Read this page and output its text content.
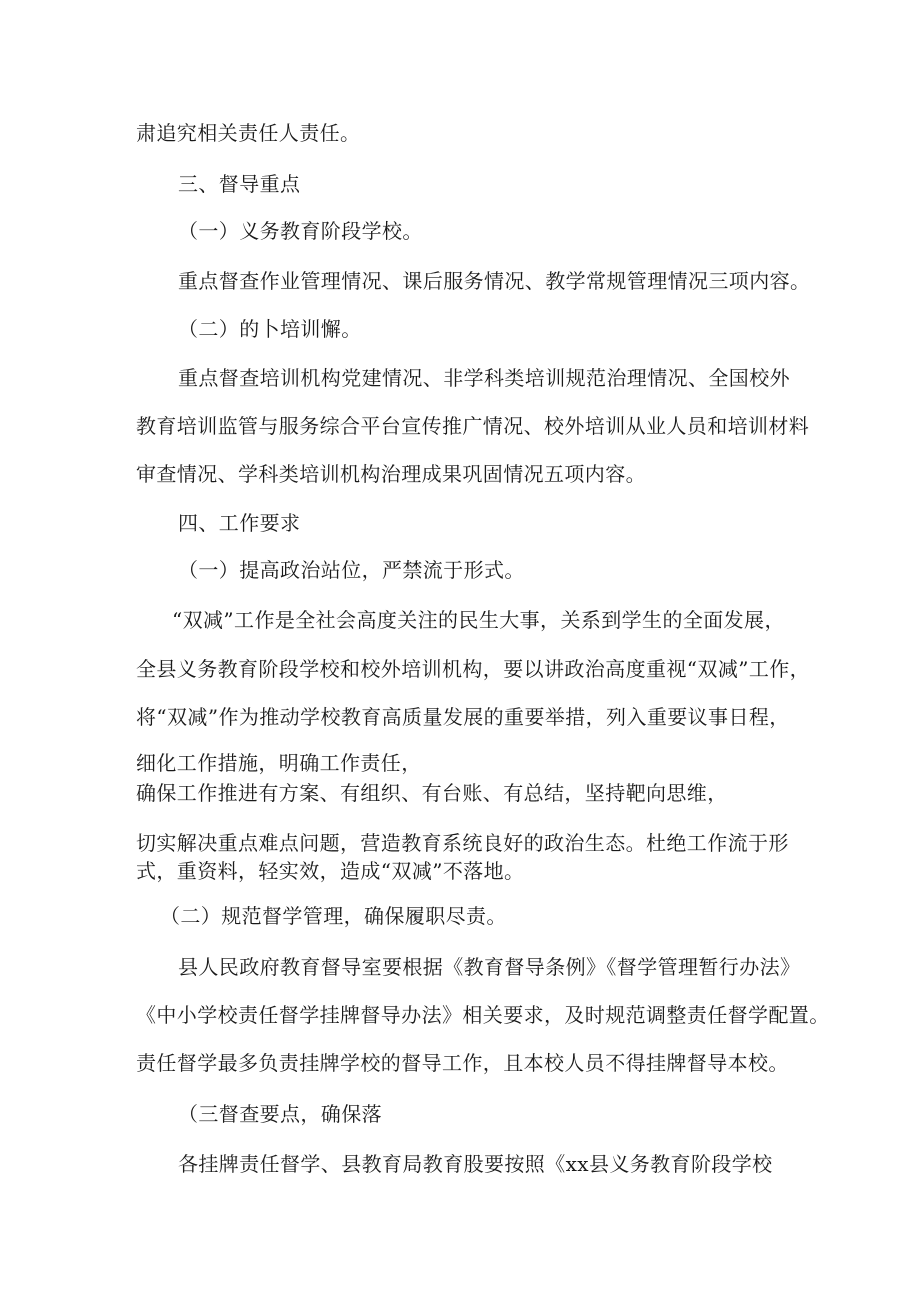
肃追究相关责任人责任。

三、督导重点

（一）义务教育阶段学校。

重点督查作业管理情况、课后服务情况、教学常规管理情况三项内容。

（二）的卜培训懈。

重点督查培训机构党建情况、非学科类培训规范治理情况、全国校外

教育培训监管与服务综合平台宣传推广情况、校外培训从业人员和培训材料

审查情况、学科类培训机构治理成果巩固情况五项内容。

四、工作要求

（一）提高政治站位，严禁流于形式。

“双减”工作是全社会高度关注的民生大事，关系到学生的全面发展，

全县义务教育阶段学校和校外培训机构，要以讲政治高度重视“双减”工作，

将“双减”作为推动学校教育高质量发展的重要举措，列入重要议事日程，

细化工作措施，明确工作责任，

确保工作推进有方案、有组织、有台账、有总结，坚持靶向思维，

切实解决重点难点问题，营造教育系统良好的政治生态。杜绝工作流于形

式，重资料，轻实效，造成“双减”不落地。

（二）规范督学管理，确保履职尽责。

县人民政府教育督导室要根据《教育督导条例》《督学管理暂行办法》

《中小学校责任督学挂牌督导办法》相关要求，及时规范调整责任督学配置。

责任督学最多负责挂牌学校的督导工作，且本校人员不得挂牌督导本校。

（三督查要点，确保落

各挂牌责任督学、县教育局教育股要按照《xx县义务教育阶段学校
